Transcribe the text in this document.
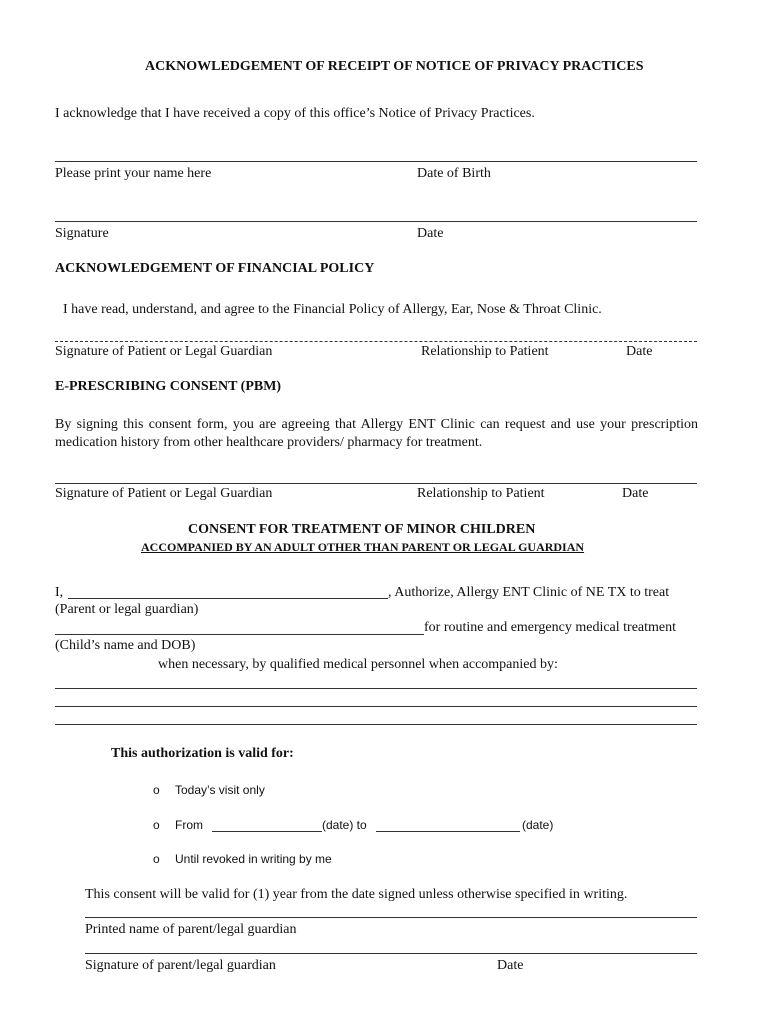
ACKNOWLEDGEMENT OF RECEIPT OF NOTICE OF PRIVACY PRACTICES
I acknowledge that I have received a copy of this office’s Notice of Privacy Practices.
Please print your name here	Date of Birth
Signature	Date
ACKNOWLEDGEMENT OF FINANCIAL POLICY
I have read, understand, and agree to the Financial Policy of Allergy, Ear, Nose & Throat Clinic.
Signature of Patient or Legal Guardian	Relationship to Patient	Date
E-PRESCRIBING CONSENT (PBM)
By signing this consent form, you are agreeing that Allergy ENT Clinic can request and use your prescription medication history from other healthcare providers/ pharmacy for treatment.
Signature of Patient or Legal Guardian	Relationship to Patient	Date
CONSENT FOR TREATMENT OF MINOR CHILDREN
ACCOMPANIED BY AN ADULT OTHER THAN PARENT OR LEGAL GUARDIAN
I,	, Authorize, Allergy ENT Clinic of NE TX to treat
(Parent or legal guardian)
for routine and emergency medical treatment
(Child’s name and DOB)
when necessary, by qualified medical personnel when accompanied by:
This authorization is valid for:
o Today’s visit only
o From	(date) to	(date)
o Until revoked in writing by me
This consent will be valid for (1) year from the date signed unless otherwise specified in writing.
Printed name of parent/legal guardian
Signature of parent/legal guardian	Date
